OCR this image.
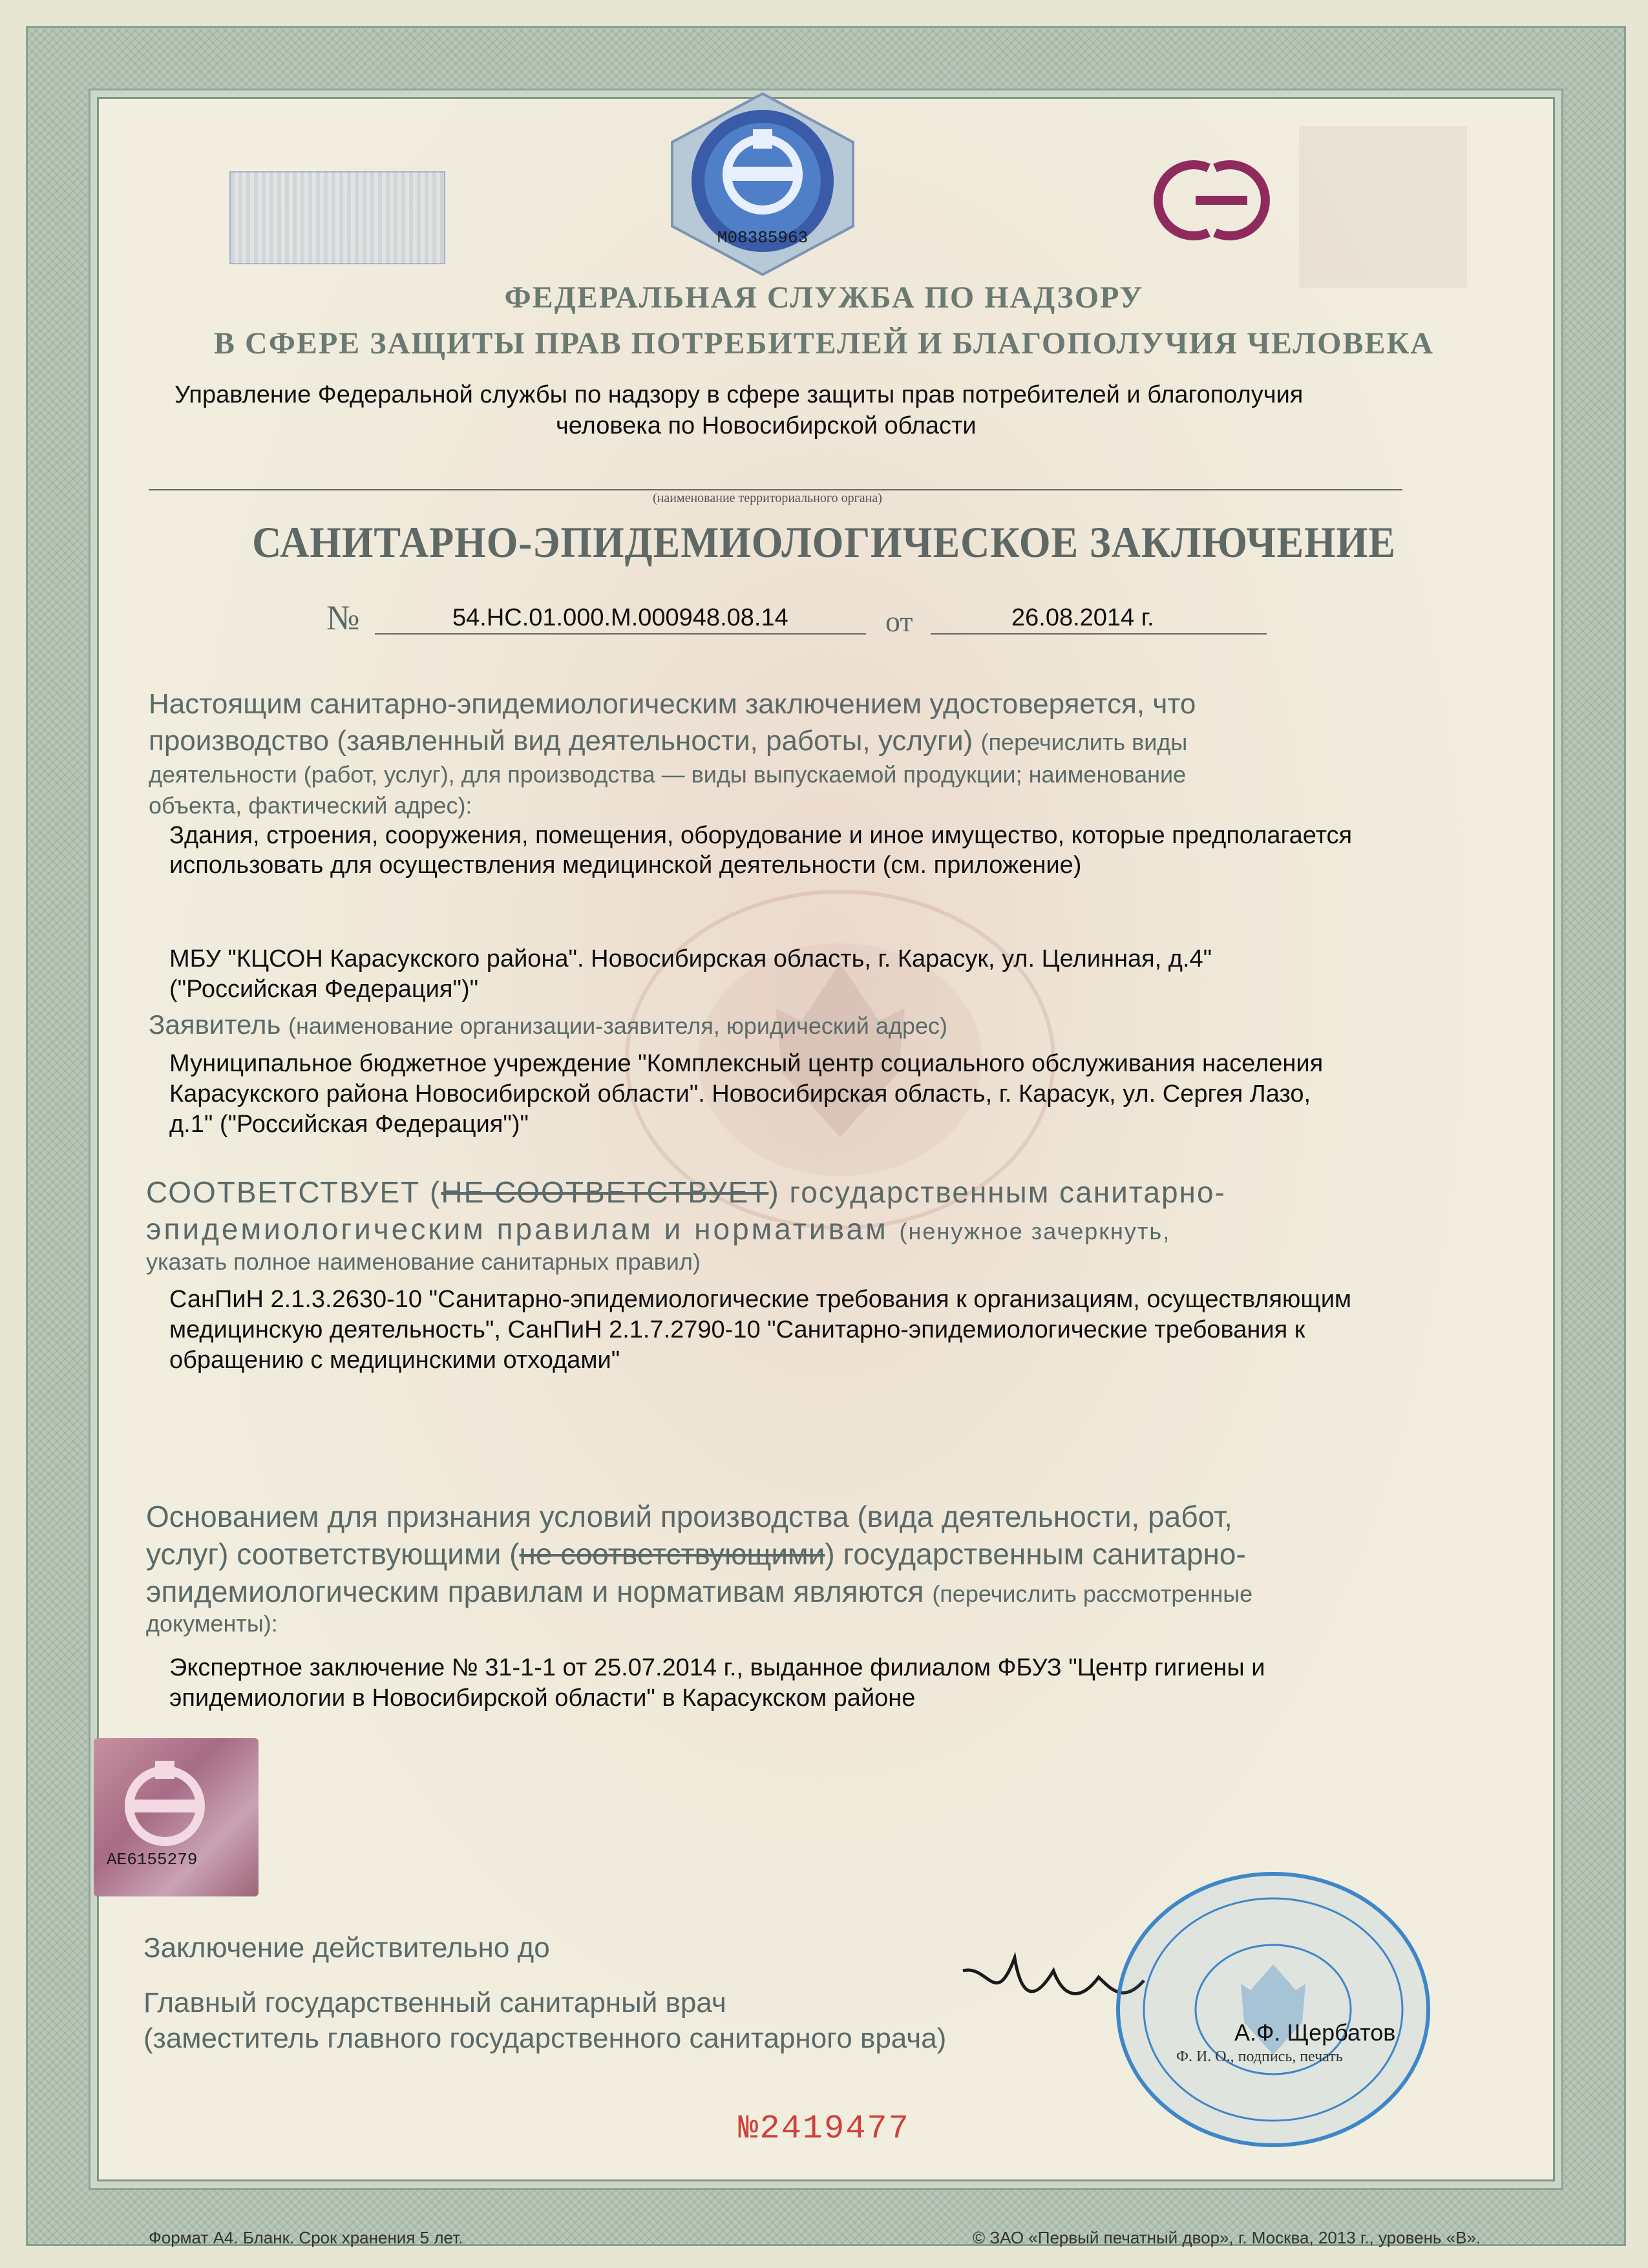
М08385963
ФЕДЕРАЛЬНАЯ СЛУЖБА ПО НАДЗОРУ
В СФЕРЕ ЗАЩИТЫ ПРАВ ПОТРЕБИТЕЛЕЙ И БЛАГОПОЛУЧИЯ ЧЕЛОВЕКА
Управление Федеральной службы по надзору в сфере защиты прав потребителей и благополучия
человека по Новосибирской области
(наименование территориального органа)
САНИТАРНО-ЭПИДЕМИОЛОГИЧЕСКОЕ ЗАКЛЮЧЕНИЕ
№	54.НС.01.000.М.000948.08.14	от	26.08.2014 г.
Настоящим санитарно-эпидемиологическим заключением удостоверяется, что
производство (заявленный вид деятельности, работы, услуги) (перечислить виды
деятельности (работ, услуг), для производства — виды выпускаемой продукции; наименование
объекта, фактический адрес):
Здания, строения, сооружения, помещения, оборудование и иное имущество, которые предполагается
использовать для осуществления медицинской деятельности (см. приложение)
МБУ "КЦСОН Карасукского района". Новосибирская область, г. Карасук, ул. Целинная, д.4"
("Российская Федерация")"
Заявитель (наименование организации-заявителя, юридический адрес)
Муниципальное бюджетное учреждение "Комплексный центр социального обслуживания населения
Карасукского района Новосибирской области". Новосибирская область, г. Карасук, ул. Сергея Лазо,
д.1" ("Российская Федерация")"
СООТВЕТСТВУЕТ (НЕ СООТВЕТСТВУЕТ) государственным санитарно-
эпидемиологическим правилам и нормативам (ненужное зачеркнуть,
указать полное наименование санитарных правил)
СанПиН 2.1.3.2630-10 "Санитарно-эпидемиологические требования к организациям, осуществляющим
медицинскую деятельность", СанПиН 2.1.7.2790-10 "Санитарно-эпидемиологические требования к
обращению с медицинскими отходами"
Основанием для признания условий производства (вида деятельности, работ,
услуг) соответствующими (не соответствующими) государственным санитарно-
эпидемиологическим правилам и нормативам являются (перечислить рассмотренные
документы):
Экспертное заключение № 31-1-1 от 25.07.2014 г., выданное филиалом ФБУЗ "Центр гигиены и
эпидемиологии в Новосибирской области" в Карасукском районе
АЕ6155279
Заключение действительно до
Главный государственный санитарный врач
(заместитель главного государственного санитарного врача)	А.Ф. Щербатов
Ф. И. О., подпись, печать
№2419477
Формат А4. Бланк. Срок хранения 5 лет.	© ЗАО «Первый печатный двор», г. Москва, 2013 г., уровень «В».
